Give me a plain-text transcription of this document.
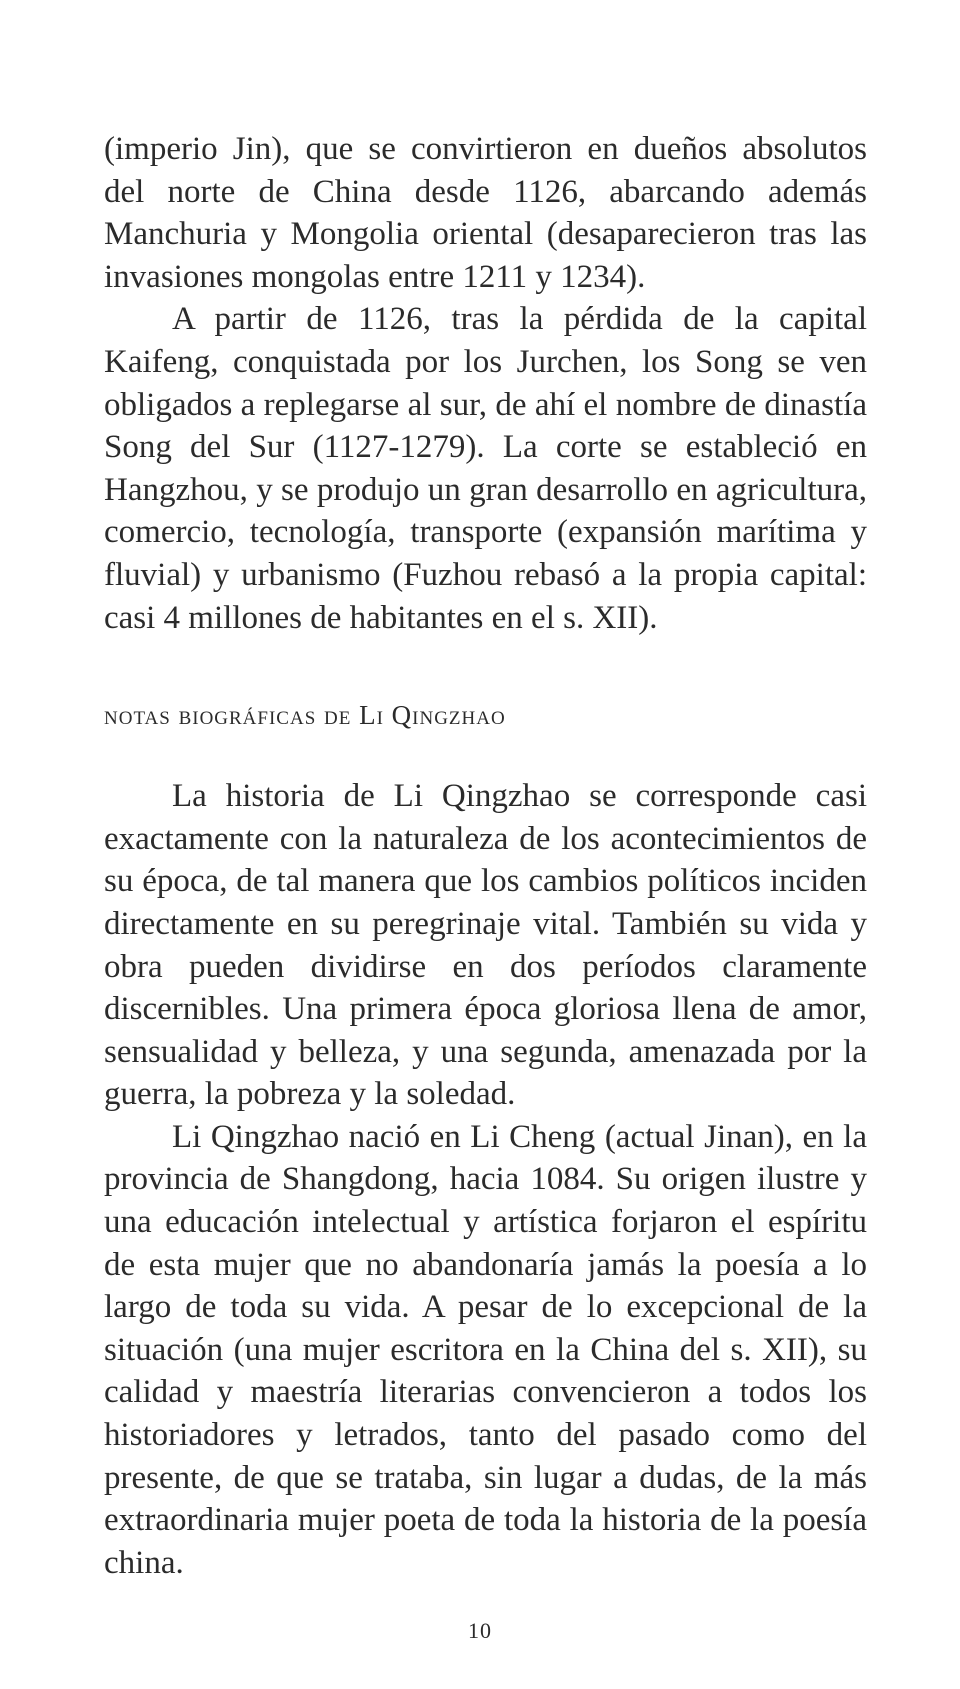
(imperio Jin), que se convirtieron en dueños absolutos del norte de China desde 1126, abarcando además Manchuria y Mongolia oriental (desaparecieron tras las invasiones mongolas entre 1211 y 1234).

A partir de 1126, tras la pérdida de la capital Kaifeng, conquistada por los Jurchen, los Song se ven obligados a replegarse al sur, de ahí el nombre de dinastía Song del Sur (1127-1279). La corte se estableció en Hangzhou, y se produjo un gran desarrollo en agricultura, comercio, tecnología, transporte (expansión marítima y fluvial) y urbanismo (Fuzhou rebasó a la propia capital: casi 4 millones de habitantes en el s. XII).

notas biográficas de Li Qingzhao

La historia de Li Qingzhao se corresponde casi exactamente con la naturaleza de los acontecimientos de su época, de tal manera que los cambios políticos inciden directamente en su peregrinaje vital. También su vida y obra pueden dividirse en dos períodos claramente discernibles. Una primera época gloriosa llena de amor, sensualidad y belleza, y una segunda, amenazada por la guerra, la pobreza y la soledad.

Li Qingzhao nació en Li Cheng (actual Jinan), en la provincia de Shangdong, hacia 1084. Su origen ilustre y una educación intelectual y artística forjaron el espíritu de esta mujer que no abandonaría jamás la poesía a lo largo de toda su vida. A pesar de lo excepcional de la situación (una mujer escritora en la China del s. XII), su calidad y maestría literarias convencieron a todos los historiadores y letrados, tanto del pasado como del presente, de que se trataba, sin lugar a dudas, de la más extraordinaria mujer poeta de toda la historia de la poesía china.

10
